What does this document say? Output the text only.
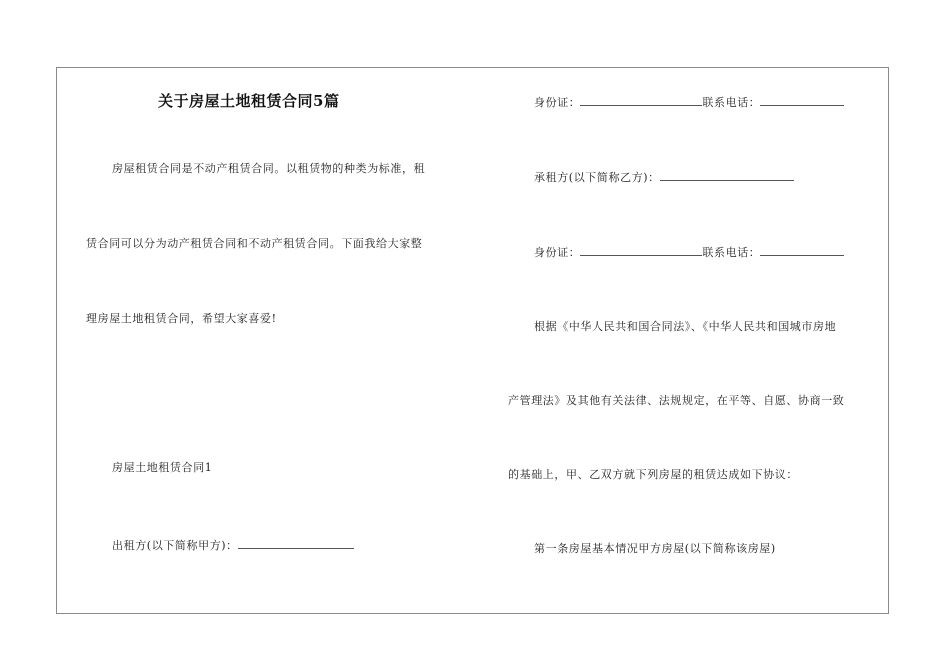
关于房屋土地租赁合同5篇
房屋租赁合同是不动产租赁合同。以租赁物的种类为标准，租
赁合同可以分为动产租赁合同和不动产租赁合同。下面我给大家整
理房屋土地租赁合同，希望大家喜爱!
房屋土地租赁合同1
出租方(以下简称甲方)：
身份证：	联系电话：
承租方(以下简称乙方)：
身份证：	联系电话：
根据《中华人民共和国合同法》、《中华人民共和国城市房地
产管理法》及其他有关法律、法规规定，在平等、自愿、协商一致
的基础上，甲、乙双方就下列房屋的租赁达成如下协议：
第一条房屋基本情况甲方房屋(以下简称该房屋)
